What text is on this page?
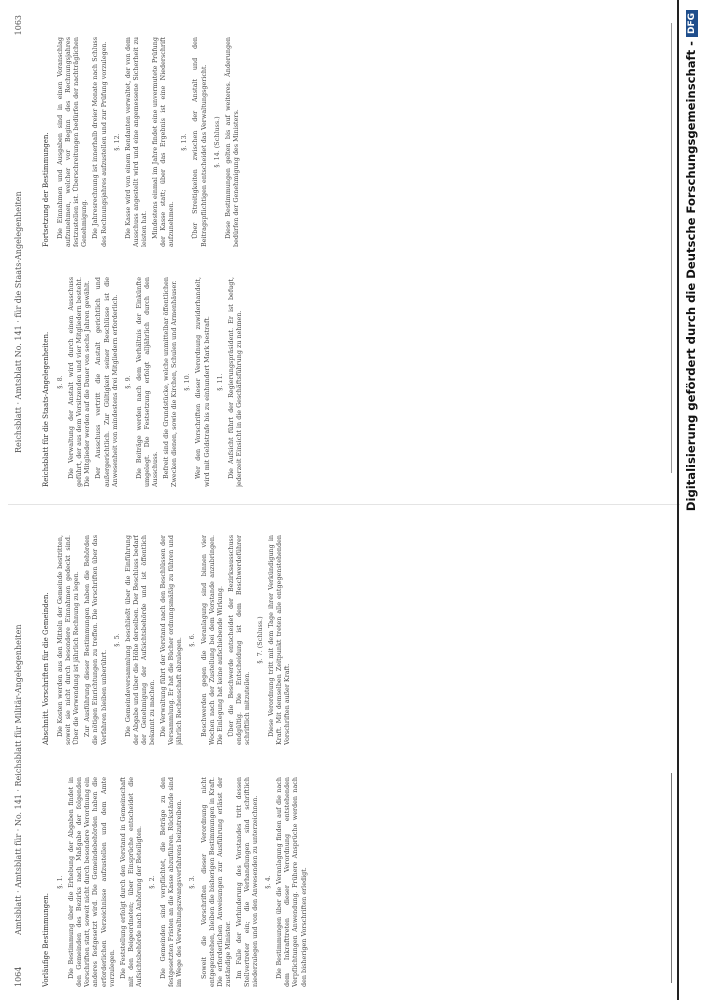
1064
Amtsblatt · Amtsblatt für · No. 141 · Reichsblatt für Militär-Angelegenheiten
Reichsblatt · Amtsblatt No. 141 · für die Staats-Angelegenheiten
1063

Vorläufige Bestimmungen.

§. 1. Die Bestimmung über die Erhebung der Abgaben findet in den Gemeinden des Bezirks nach Maßgabe der folgenden Vorschriften statt, soweit nicht durch besondere Verordnung ein anderes festgesetzt wird. Die Gemeindebehörden haben die erforderlichen Verzeichnisse aufzustellen und dem Amte vorzulegen. Die Feststellung erfolgt durch den Vorstand in Gemeinschaft mit den Beigeordneten; über Einsprüche entscheidet die Aufsichtsbehörde nach Anhörung der Beteiligten. §. 2. Die Gemeinden sind verpflichtet, die Beträge zu den festgesetzten Fristen an die Kasse abzuführen. Rückstände sind im Wege des Verwaltungszwangsverfahrens beizutreiben. §. 3. Soweit die Vorschriften dieser Verordnung nicht entgegenstehen, bleiben die bisherigen Bestimmungen in Kraft. Die erforderlichen Anweisungen zur Ausführung erlässt der zuständige Minister. Im Falle der Verhinderung des Vorstandes tritt dessen Stellvertreter ein; die Verhandlungen sind schriftlich niederzulegen und von den Anwesenden zu unterzeichnen. §. 4. Die Bestimmungen über die Veranlagung finden auf die nach dem Inkrafttreten dieser Verordnung entstehenden Verpflichtungen Anwendung. Frühere Ansprüche werden nach den bisherigen Vorschriften erledigt.

Abschnitt. Vorschriften für die Gemeinden. Die Kosten werden aus den Mitteln der Gemeinde bestritten, soweit sie nicht durch besondere Einnahmen gedeckt sind. Über die Verwendung ist jährlich Rechnung zu legen. Zur Ausführung dieser Bestimmungen haben die Behörden die nötigen Einrichtungen zu treffen. Die Vorschriften über das Verfahren bleiben unberührt.

§. 5. Die Gemeindeversammlung beschließt über die Einführung der Abgabe und über die Höhe derselben. Der Beschluss bedarf der Genehmigung der Aufsichtsbehörde und ist öffentlich bekannt zu machen. Die Verwaltung führt der Vorstand nach den Beschlüssen der Versammlung. Er hat die Bücher ordnungsmäßig zu führen und jährlich Rechenschaft abzulegen. §. 6. Beschwerden gegen die Veranlagung sind binnen vier Wochen nach der Zustellung bei dem Vorstande anzubringen. Die Einlegung hat keine aufschiebende Wirkung. Über die Beschwerde entscheidet der Bezirksausschuss endgültig. Die Entscheidung ist dem Beschwerdeführer schriftlich mitzuteilen.

§. 7. (Schluss.) Diese Verordnung tritt mit dem Tage ihrer Verkündigung in Kraft. Mit demselben Zeitpunkt treten alle entgegenstehenden Vorschriften außer Kraft.

Reichsblatt für die Staats-Angelegenheiten. §. 8. Die Verwaltung der Anstalt wird durch einen Ausschuss geführt, der aus dem Vorsitzenden und vier Mitgliedern besteht. Die Mitglieder werden auf die Dauer von sechs Jahren gewählt. Der Ausschuss vertritt die Anstalt gerichtlich und außergerichtlich. Zur Gültigkeit seiner Beschlüsse ist die Anwesenheit von mindestens drei Mitgliedern erforderlich. §. 9. Die Beiträge werden nach dem Verhältnis der Einkünfte umgelegt. Die Festsetzung erfolgt alljährlich durch den Ausschuss. Befreit sind die Grundstücke, welche unmittelbar öffentlichen Zwecken dienen, sowie die Kirchen, Schulen und Armenhäuser. §. 10. Wer den Vorschriften dieser Verordnung zuwiderhandelt, wird mit Geldstrafe bis zu einhundert Mark bestraft. §. 11. Die Aufsicht führt der Regierungspräsident. Er ist befugt, jederzeit Einsicht in die Geschäftsführung zu nehmen.

Fortsetzung der Bestimmungen. Die Einnahmen und Ausgaben sind in einen Voranschlag aufzunehmen, welcher vor Beginn des Rechnungsjahres festzustellen ist. Überschreitungen bedürfen der nachträglichen Genehmigung. Die Jahresrechnung ist innerhalb dreier Monate nach Schluss des Rechnungsjahres aufzustellen und zur Prüfung vorzulegen. §. 12. Die Kasse wird von einem Rendanten verwaltet, der von dem Ausschuss angestellt wird und eine angemessene Sicherheit zu leisten hat. Mindestens einmal im Jahre findet eine unvermutete Prüfung der Kasse statt; über das Ergebnis ist eine Niederschrift aufzunehmen.

§. 13. Über Streitigkeiten zwischen der Anstalt und den Beitragspflichtigen entscheidet das Verwaltungsgericht. §. 14. (Schluss.) Diese Bestimmungen gelten bis auf weiteres. Änderungen bedürfen der Genehmigung des Ministers.	Digitalisierung gefördert durch die Deutsche Forschungsgemeinschaft -DFG
